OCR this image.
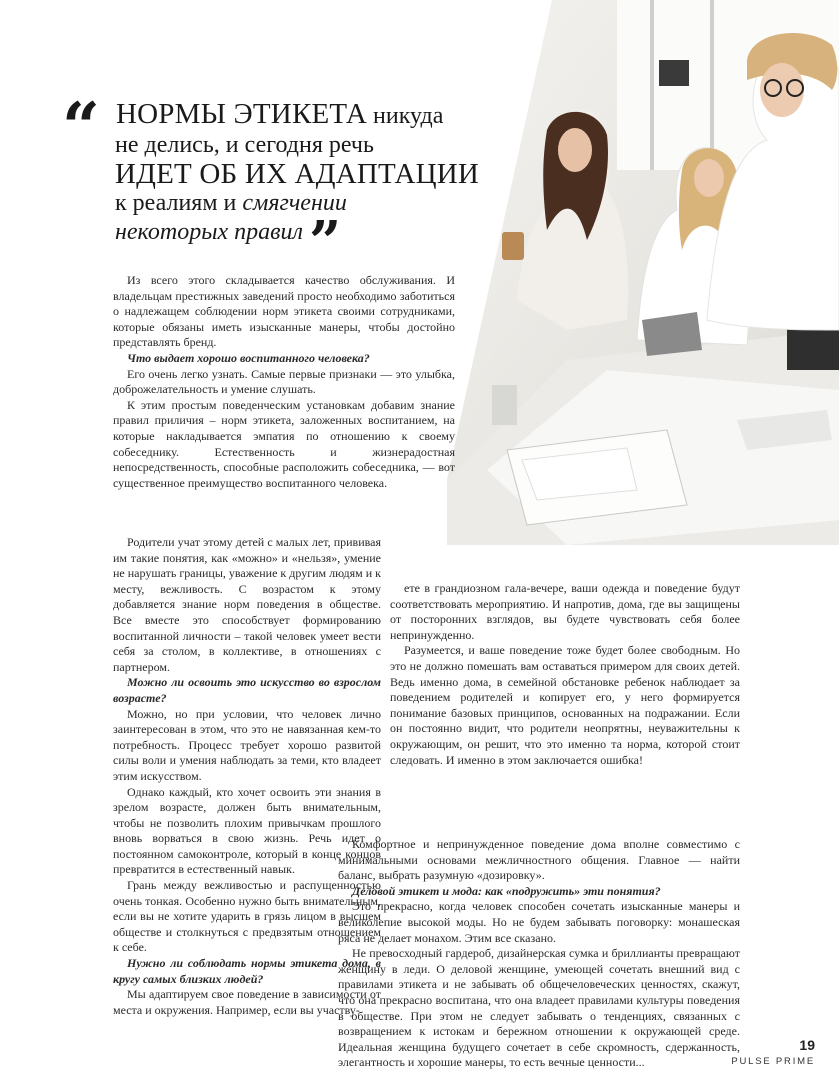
“ НОРМЫ ЭТИКЕТА никуда
не делись, и сегодня речь
ИДЕТ ОБ ИХ АДАПТАЦИИ
к реалиям и смягчении
некоторых правил ”

Из всего этого складывается качество обслуживания. И владельцам престижных заведений просто необходимо заботиться о надлежащем соблюдении норм этикета своими сотрудниками, которые обязаны иметь изысканные манеры, чтобы достойно представлять бренд.

Что выдает хорошо воспитанного человека?

Его очень легко узнать. Самые первые признаки — это улыбка, доброжелательность и умение слушать.

К этим простым поведенческим установкам добавим знание правил приличия – норм этикета, заложенных воспитанием, на которые накладывается эмпатия по отношению к своему собеседнику. Естественность и жизнерадостная непосредственность, способные расположить собеседника, — вот существенное преимущество воспитанного человека.

Родители учат этому детей с малых лет, прививая им такие понятия, как «можно» и «нельзя», умение не нарушать границы, уважение к другим людям и к месту, вежливость. С возрастом к этому добавляется знание норм поведения в обществе. Все вместе это способствует формированию воспитанной личности – такой человек умеет вести себя за столом, в коллективе, в отношениях с партнером.

Можно ли освоить это искусство во взрослом возрасте?

Можно, но при условии, что человек лично заинтересован в этом, что это не навязанная кем-то потребность. Процесс требует хорошо развитой силы воли и умения наблюдать за теми, кто владеет этим искусством.

Однако каждый, кто хочет освоить эти знания в зрелом возрасте, должен быть внимательным, чтобы не позволить плохим привычкам прошлого вновь ворваться в свою жизнь. Речь идет о постоянном самоконтроле, который в конце концов превратится в естественный навык.

Грань между вежливостью и распущенностью очень тонкая. Особенно нужно быть внимательным, если вы не хотите ударить в грязь лицом в высшем обществе и столкнуться с предвзятым отношением к себе.

Нужно ли соблюдать нормы этикета дома, в кругу самых близких людей?

Мы адаптируем свое поведение в зависимости от места и окружения. Например, если вы участву-

ете в грандиозном гала-вечере, ваши одежда и поведение будут соответствовать мероприятию. И напротив, дома, где вы защищены от посторонних взглядов, вы будете чувствовать себя более непринужденно.

Разумеется, и ваше поведение тоже будет более свободным. Но это не должно помешать вам оставаться примером для своих детей. Ведь именно дома, в семейной обстановке ребенок наблюдает за поведением родителей и копирует его, у него формируется понимание базовых принципов, основанных на подражании. Если он постоянно видит, что родители неопрятны, неуважительны к окружающим, он решит, что это именно та норма, которой стоит следовать. И именно в этом заключается ошибка!

Комфортное и непринужденное поведение дома вполне совместимо с минимальными основами межличностного общения. Главное — найти баланс, выбрать разумную «дозировку».

Деловой этикет и мода: как «подружить» эти понятия?

Это прекрасно, когда человек способен сочетать изысканные манеры и великолепие высокой моды. Но не будем забывать поговорку: монашеская ряса не делает монахом. Этим все сказано.

Не превосходный гардероб, дизайнерская сумка и бриллианты превращают женщину в леди. О деловой женщине, умеющей сочетать внешний вид с правилами этикета и не забывать об общечеловеческих ценностях, скажут, что она прекрасно воспитана, что она владеет правилами культуры поведения в обществе. При этом не следует забывать о тенденциях, связанных с возвращением к истокам и бережном отношении к окружающей среде. Идеальная женщина будущего сочетает в себе скромность, сдержанность, элегантность и хорошие манеры, то есть вечные ценности...

19
PULSE PRIME
